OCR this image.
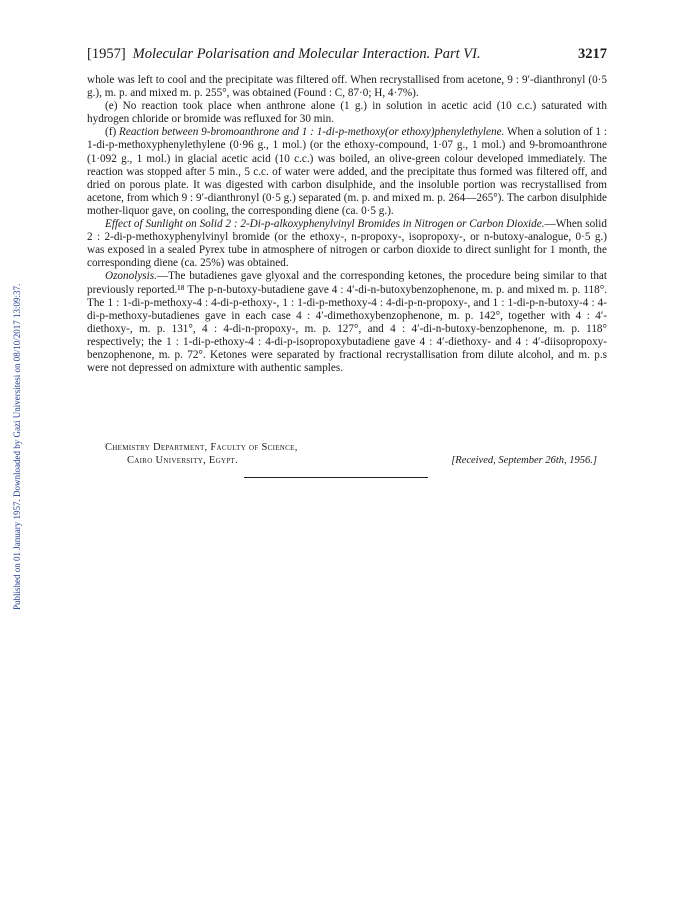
Published on 01 January 1957. Downloaded by Gazi Universitesi on 08/10/2017 13:09:37.
[1957] Molecular Polarisation and Molecular Interaction. Part VI.	3217

whole was left to cool and the precipitate was filtered off. When recrystallised from acetone, 9 : 9′-dianthronyl (0·5 g.), m. p. and mixed m. p. 255°, was obtained (Found : C, 87·0; H, 4·7%).

(e) No reaction took place when anthrone alone (1 g.) in solution in acetic acid (10 c.c.) saturated with hydrogen chloride or bromide was refluxed for 30 min.

(f) Reaction between 9-bromoanthrone and 1 : 1-di-p-methoxy(or ethoxy)phenylethylene. When a solution of 1 : 1-di-p-methoxyphenylethylene (0·96 g., 1 mol.) (or the ethoxy-compound, 1·07 g., 1 mol.) and 9-bromoanthrone (1·092 g., 1 mol.) in glacial acetic acid (10 c.c.) was boiled, an olive-green colour developed immediately. The reaction was stopped after 5 min., 5 c.c. of water were added, and the precipitate thus formed was filtered off, and dried on porous plate. It was digested with carbon disulphide, and the insoluble portion was recrystallised from acetone, from which 9 : 9′-dianthronyl (0·5 g.) separated (m. p. and mixed m. p. 264—265°). The carbon disulphide mother-liquor gave, on cooling, the corresponding diene (ca. 0·5 g.).

Effect of Sunlight on Solid 2 : 2-Di-p-alkoxyphenylvinyl Bromides in Nitrogen or Carbon Dioxide.—When solid 2 : 2-di-p-methoxyphenylvinyl bromide (or the ethoxy-, n-propoxy-, isopropoxy-, or n-butoxy-analogue, 0·5 g.) was exposed in a sealed Pyrex tube in atmosphere of nitrogen or carbon dioxide to direct sunlight for 1 month, the corresponding diene (ca. 25%) was obtained.

Ozonolysis.—The butadienes gave glyoxal and the corresponding ketones, the procedure being similar to that previously reported.¹⁸ The p-n-butoxy-butadiene gave 4 : 4′-di-n-butoxybenzophenone, m. p. and mixed m. p. 118°. The 1 : 1-di-p-methoxy-4 : 4-di-p-ethoxy-, 1 : 1-di-p-methoxy-4 : 4-di-p-n-propoxy-, and 1 : 1-di-p-n-butoxy-4 : 4-di-p-methoxy-butadienes gave in each case 4 : 4′-dimethoxybenzophenone, m. p. 142°, together with 4 : 4′-diethoxy-, m. p. 131°, 4 : 4-di-n-propoxy-, m. p. 127°, and 4 : 4′-di-n-butoxy-benzophenone, m. p. 118° respectively; the 1 : 1-di-p-ethoxy-4 : 4-di-p-isopropoxybutadiene gave 4 : 4′-diethoxy- and 4 : 4′-diisopropoxy-benzophenone, m. p. 72°. Ketones were separated by fractional recrystallisation from dilute alcohol, and m. p.s were not depressed on admixture with authentic samples.

Chemistry Department, Faculty of Science,
Cairo University, Egypt.	[Received, September 26th, 1956.]
